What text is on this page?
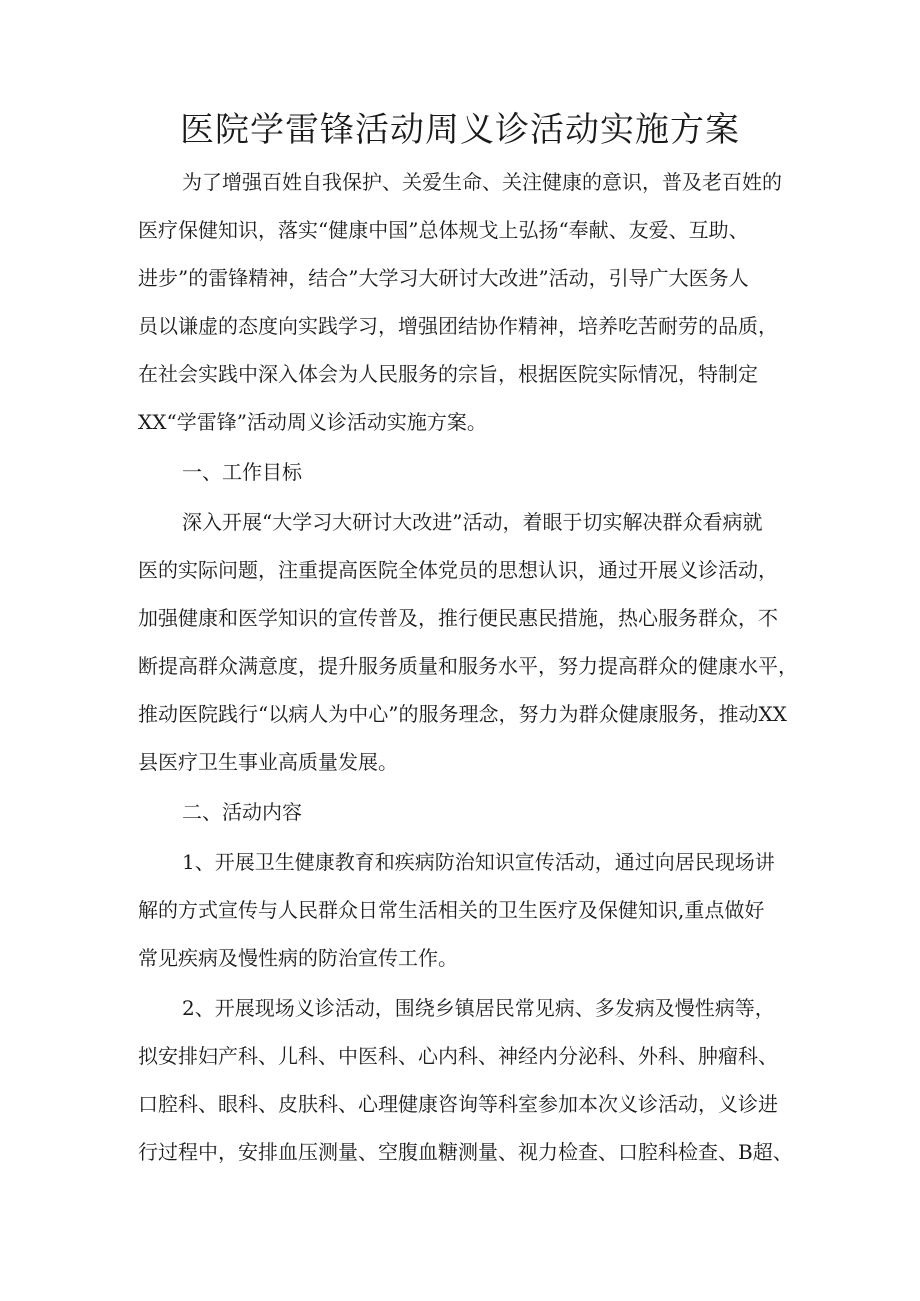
医院学雷锋活动周义诊活动实施方案

为了增强百姓自我保护、关爱生命、关注健康的意识，普及老百姓的

医疗保健知识，落实“健康中国”总体规戈上弘扬“奉献、友爱、互助、

进步”的雷锋精神，结合”大学习大研讨大改进”活动，引导广大医务人

员以谦虚的态度向实践学习，增强团结协作精神，培养吃苦耐劳的品质，

在社会实践中深入体会为人民服务的宗旨，根据医院实际情况，特制定

XX“学雷锋”活动周义诊活动实施方案。

一、工作目标

深入开展“大学习大研讨大改进”活动，着眼于切实解决群众看病就

医的实际问题，注重提高医院全体党员的思想认识，通过开展义诊活动，

加强健康和医学知识的宣传普及，推行便民惠民措施，热心服务群众，不

断提高群众满意度，提升服务质量和服务水平，努力提高群众的健康水平，

推动医院践行“以病人为中心”的服务理念，努力为群众健康服务，推动XX

县医疗卫生事业高质量发展。

二、活动内容

1、开展卫生健康教育和疾病防治知识宣传活动，通过向居民现场讲

解的方式宣传与人民群众日常生活相关的卫生医疗及保健知识,重点做好

常见疾病及慢性病的防治宣传工作。

2、开展现场义诊活动，围绕乡镇居民常见病、多发病及慢性病等，

拟安排妇产科、儿科、中医科、心内科、神经内分泌科、外科、肿瘤科、

口腔科、眼科、皮肤科、心理健康咨询等科室参加本次义诊活动，义诊进

行过程中，安排血压测量、空腹血糖测量、视力检查、口腔科检查、B超、
